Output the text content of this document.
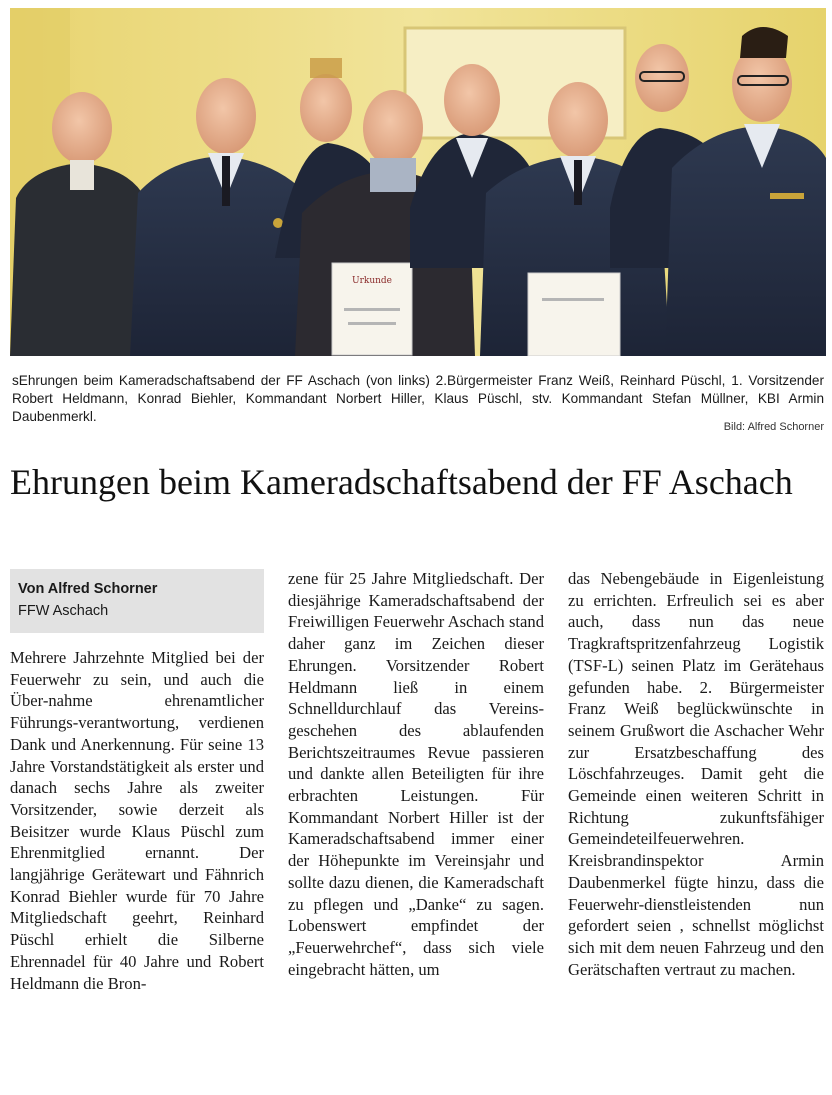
Urkunde
sEhrungen beim Kameradschaftsabend der FF Aschach (von links) 2.Bürgermeister Franz Weiß, Reinhard Püschl, 1. Vorsitzender Robert Heldmann, Konrad Biehler, Kommandant Norbert Hiller, Klaus Püschl, stv. Kommandant Stefan Müllner, KBI Armin Daubenmerkl.
Bild: Alfred Schorner
Ehrungen beim Kameradschaftsabend der FF Aschach
Von Alfred Schorner
FFW Aschach

Mehrere Jahrzehnte Mitglied bei der Feuerwehr zu sein, und auch die Über-nahme ehrenamtlicher Führungs-verantwortung, verdienen Dank und Anerkennung. Für seine 13 Jahre Vorstandstätigkeit als erster und danach sechs Jahre als zweiter Vorsitzender, sowie derzeit als Beisitzer wurde Klaus Püschl zum Ehrenmitglied ernannt. Der langjährige Gerätewart und Fähnrich Konrad Biehler wurde für 70 Jahre Mitgliedschaft geehrt, Reinhard Püschl erhielt die Silberne Ehrennadel für 40 Jahre und Robert Heldmann die Bron-

zene für 25 Jahre Mitgliedschaft. Der diesjährige Kameradschaftsabend der Freiwilligen Feuerwehr Aschach stand daher ganz im Zeichen dieser Ehrungen. Vorsitzender Robert Heldmann ließ in einem Schnelldurchlauf das Vereins-geschehen des ablaufenden Berichtszeitraumes Revue passieren und dankte allen Beteiligten für ihre erbrachten Leistungen. Für Kommandant Norbert Hiller ist der Kameradschaftsabend immer einer der Höhepunkte im Vereinsjahr und sollte dazu dienen, die Kameradschaft zu pflegen und „Danke“ zu sagen. Lobenswert empfindet der „Feuerwehrchef“, dass sich viele eingebracht hätten, um

das Nebengebäude in Eigenleistung zu errichten. Erfreulich sei es aber auch, dass nun das neue Tragkraftspritzenfahrzeug Logistik (TSF-L) seinen Platz im Gerätehaus gefunden habe. 2. Bürgermeister Franz Weiß beglückwünschte in seinem Grußwort die Aschacher Wehr zur Ersatzbeschaffung des Löschfahrzeuges. Damit geht die Gemeinde einen weiteren Schritt in Richtung zukunftsfähiger Gemeindeteilfeuerwehren. Kreisbrandinspektor Armin Daubenmerkel fügte hinzu, dass die Feuerwehr-dienstleistenden nun gefordert seien , schnellst möglichst sich mit dem neuen Fahrzeug und den Gerätschaften vertraut zu machen.
